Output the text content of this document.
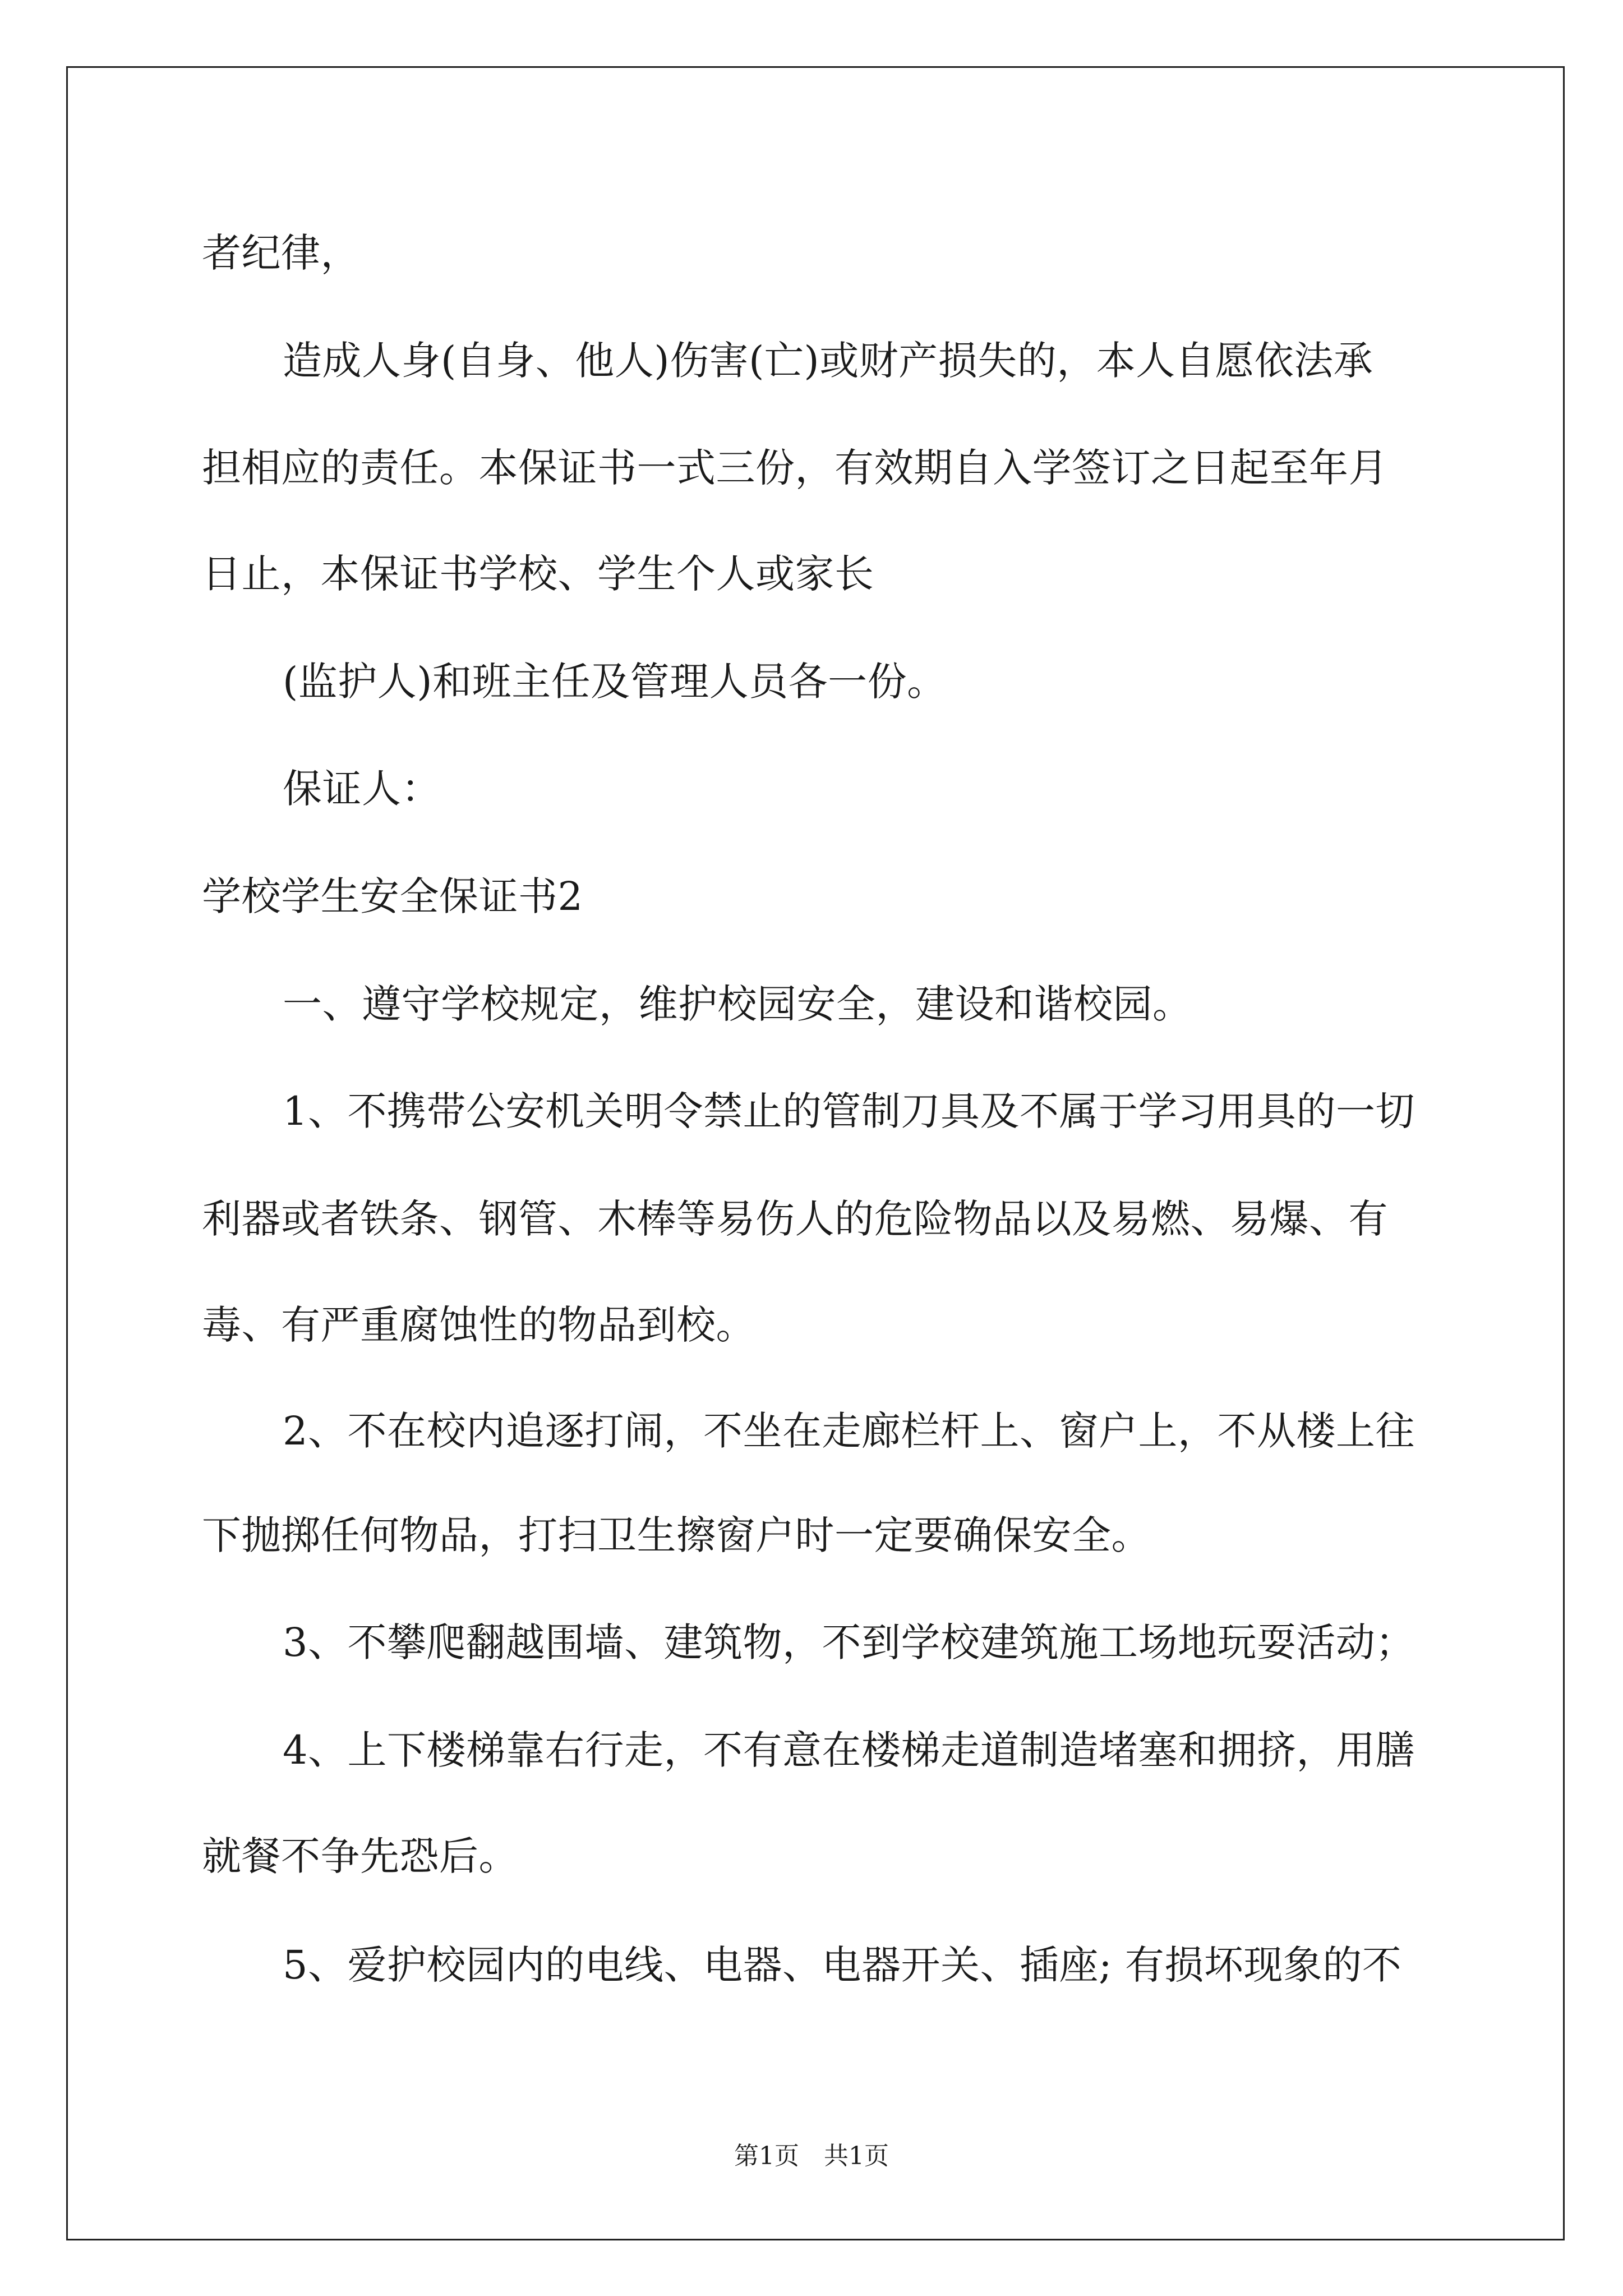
者纪律，
造成人身(自身、他人)伤害(亡)或财产损失的，本人自愿依法承
担相应的责任。本保证书一式三份，有效期自入学签订之日起至年月
日止，本保证书学校、学生个人或家长
(监护人)和班主任及管理人员各一份。
保证人：
学校学生安全保证书2
一、遵守学校规定，维护校园安全，建设和谐校园。
1、不携带公安机关明令禁止的管制刀具及不属于学习用具的一切
利器或者铁条、钢管、木棒等易伤人的危险物品以及易燃、易爆、有
毒、有严重腐蚀性的物品到校。
2、不在校内追逐打闹，不坐在走廊栏杆上、窗户上，不从楼上往
下抛掷任何物品，打扫卫生擦窗户时一定要确保安全。
3、不攀爬翻越围墙、建筑物，不到学校建筑施工场地玩耍活动；
4、上下楼梯靠右行走，不有意在楼梯走道制造堵塞和拥挤，用膳
就餐不争先恐后。
5、爱护校园内的电线、电器、电器开关、插座; 有损坏现象的不
第1页　共1页
